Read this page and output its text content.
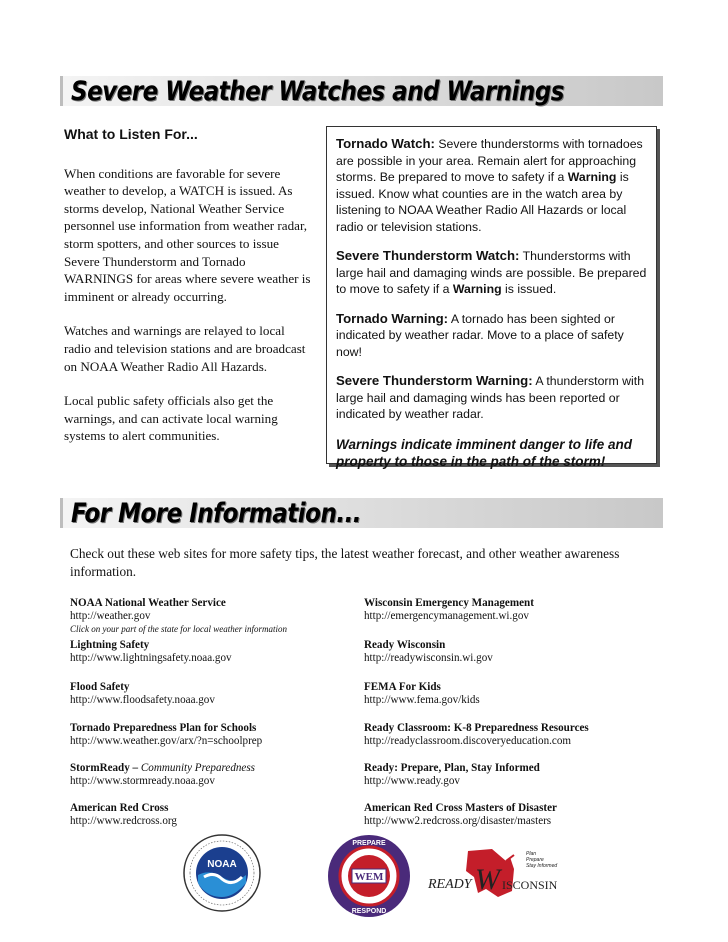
Severe Weather Watches and Warnings
What to Listen For...

When conditions are favorable for severe weather to develop, a WATCH is issued. As storms develop, National Weather Service personnel use information from weather radar, storm spotters, and other sources to issue Severe Thunderstorm and Tornado WARNINGS for areas where severe weather is imminent or already occurring.

Watches and warnings are relayed to local radio and television stations and are broadcast on NOAA Weather Radio All Hazards.

Local public safety officials also get the warnings, and can activate local warning systems to alert communities.

Tornado Watch: Severe thunderstorms with tornadoes are possible in your area. Remain alert for approaching storms. Be prepared to move to safety if a Warning is issued. Know what counties are in the watch area by listening to NOAA Weather Radio All Hazards or local radio or television stations.

Severe Thunderstorm Watch: Thunderstorms with large hail and damaging winds are possible. Be prepared to move to safety if a Warning is issued.

Tornado Warning: A tornado has been sighted or indicated by weather radar. Move to a place of safety now!

Severe Thunderstorm Warning: A thunderstorm with large hail and damaging winds has been reported or indicated by weather radar.

Warnings indicate imminent danger to life and property to those in the path of the storm!

For More Information...

Check out these web sites for more safety tips, the latest weather forecast, and other weather awareness information.

NOAA National Weather Service
http://weather.gov
Click on your part of the state for local weather information
Wisconsin Emergency Management
http://emergencymanagement.wi.gov
Lightning Safety
http://www.lightningsafety.noaa.gov
Ready Wisconsin
http://readywisconsin.wi.gov
Flood Safety
http://www.floodsafety.noaa.gov
FEMA For Kids
http://www.fema.gov/kids
Tornado Preparedness Plan for Schools
http://www.weather.gov/arx/?n=schoolprep
Ready Classroom: K-8 Preparedness Resources
http://readyclassroom.discoveryeducation.com
StormReady – Community Preparedness
http://www.stormready.noaa.gov
Ready: Prepare, Plan, Stay Informed
http://www.ready.gov
American Red Cross
http://www.redcross.org
American Red Cross Masters of Disaster
http://www2.redcross.org/disaster/masters
NOAA
WEM
PREPARE
RESPOND
READY W ISCONSIN
Plan
Prepare
Stay Informed
